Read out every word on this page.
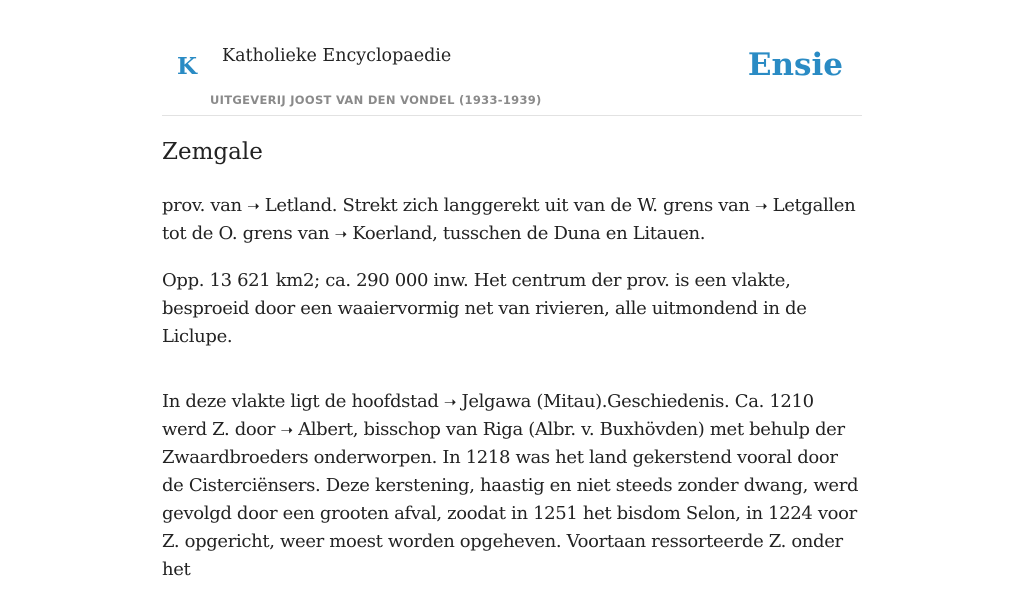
K Katholieke Encyclopaedie
UITGEVERIJ JOOST VAN DEN VONDEL (1933-1939)
Ensie
Zemgale

prov. van ➝ Letland. Strekt zich langgerekt uit van de W. grens van ➝ Letgallen tot de O. grens van ➝ Koerland, tusschen de Duna en Litauen.

Opp. 13 621 km2; ca. 290 000 inw. Het centrum der prov. is een vlakte, besproeid door een waaiervormig net van rivieren, alle uitmondend in de Liclupe.

In deze vlakte ligt de hoofdstad ➝ Jelgawa (Mitau).Geschiedenis. Ca. 1210 werd Z. door ➝ Albert, bisschop van Riga (Albr. v. Buxhövden) met behulp der Zwaardbroeders onderworpen. In 1218 was het land gekerstend vooral door de Cisterciënsers. Deze kerstening, haastig en niet steeds zonder dwang, werd gevolgd door een grooten afval, zoodat in 1251 het bisdom Selon, in 1224 voor Z. opgericht, weer moest worden opgeheven. Voortaan ressorteerde Z. onder het
